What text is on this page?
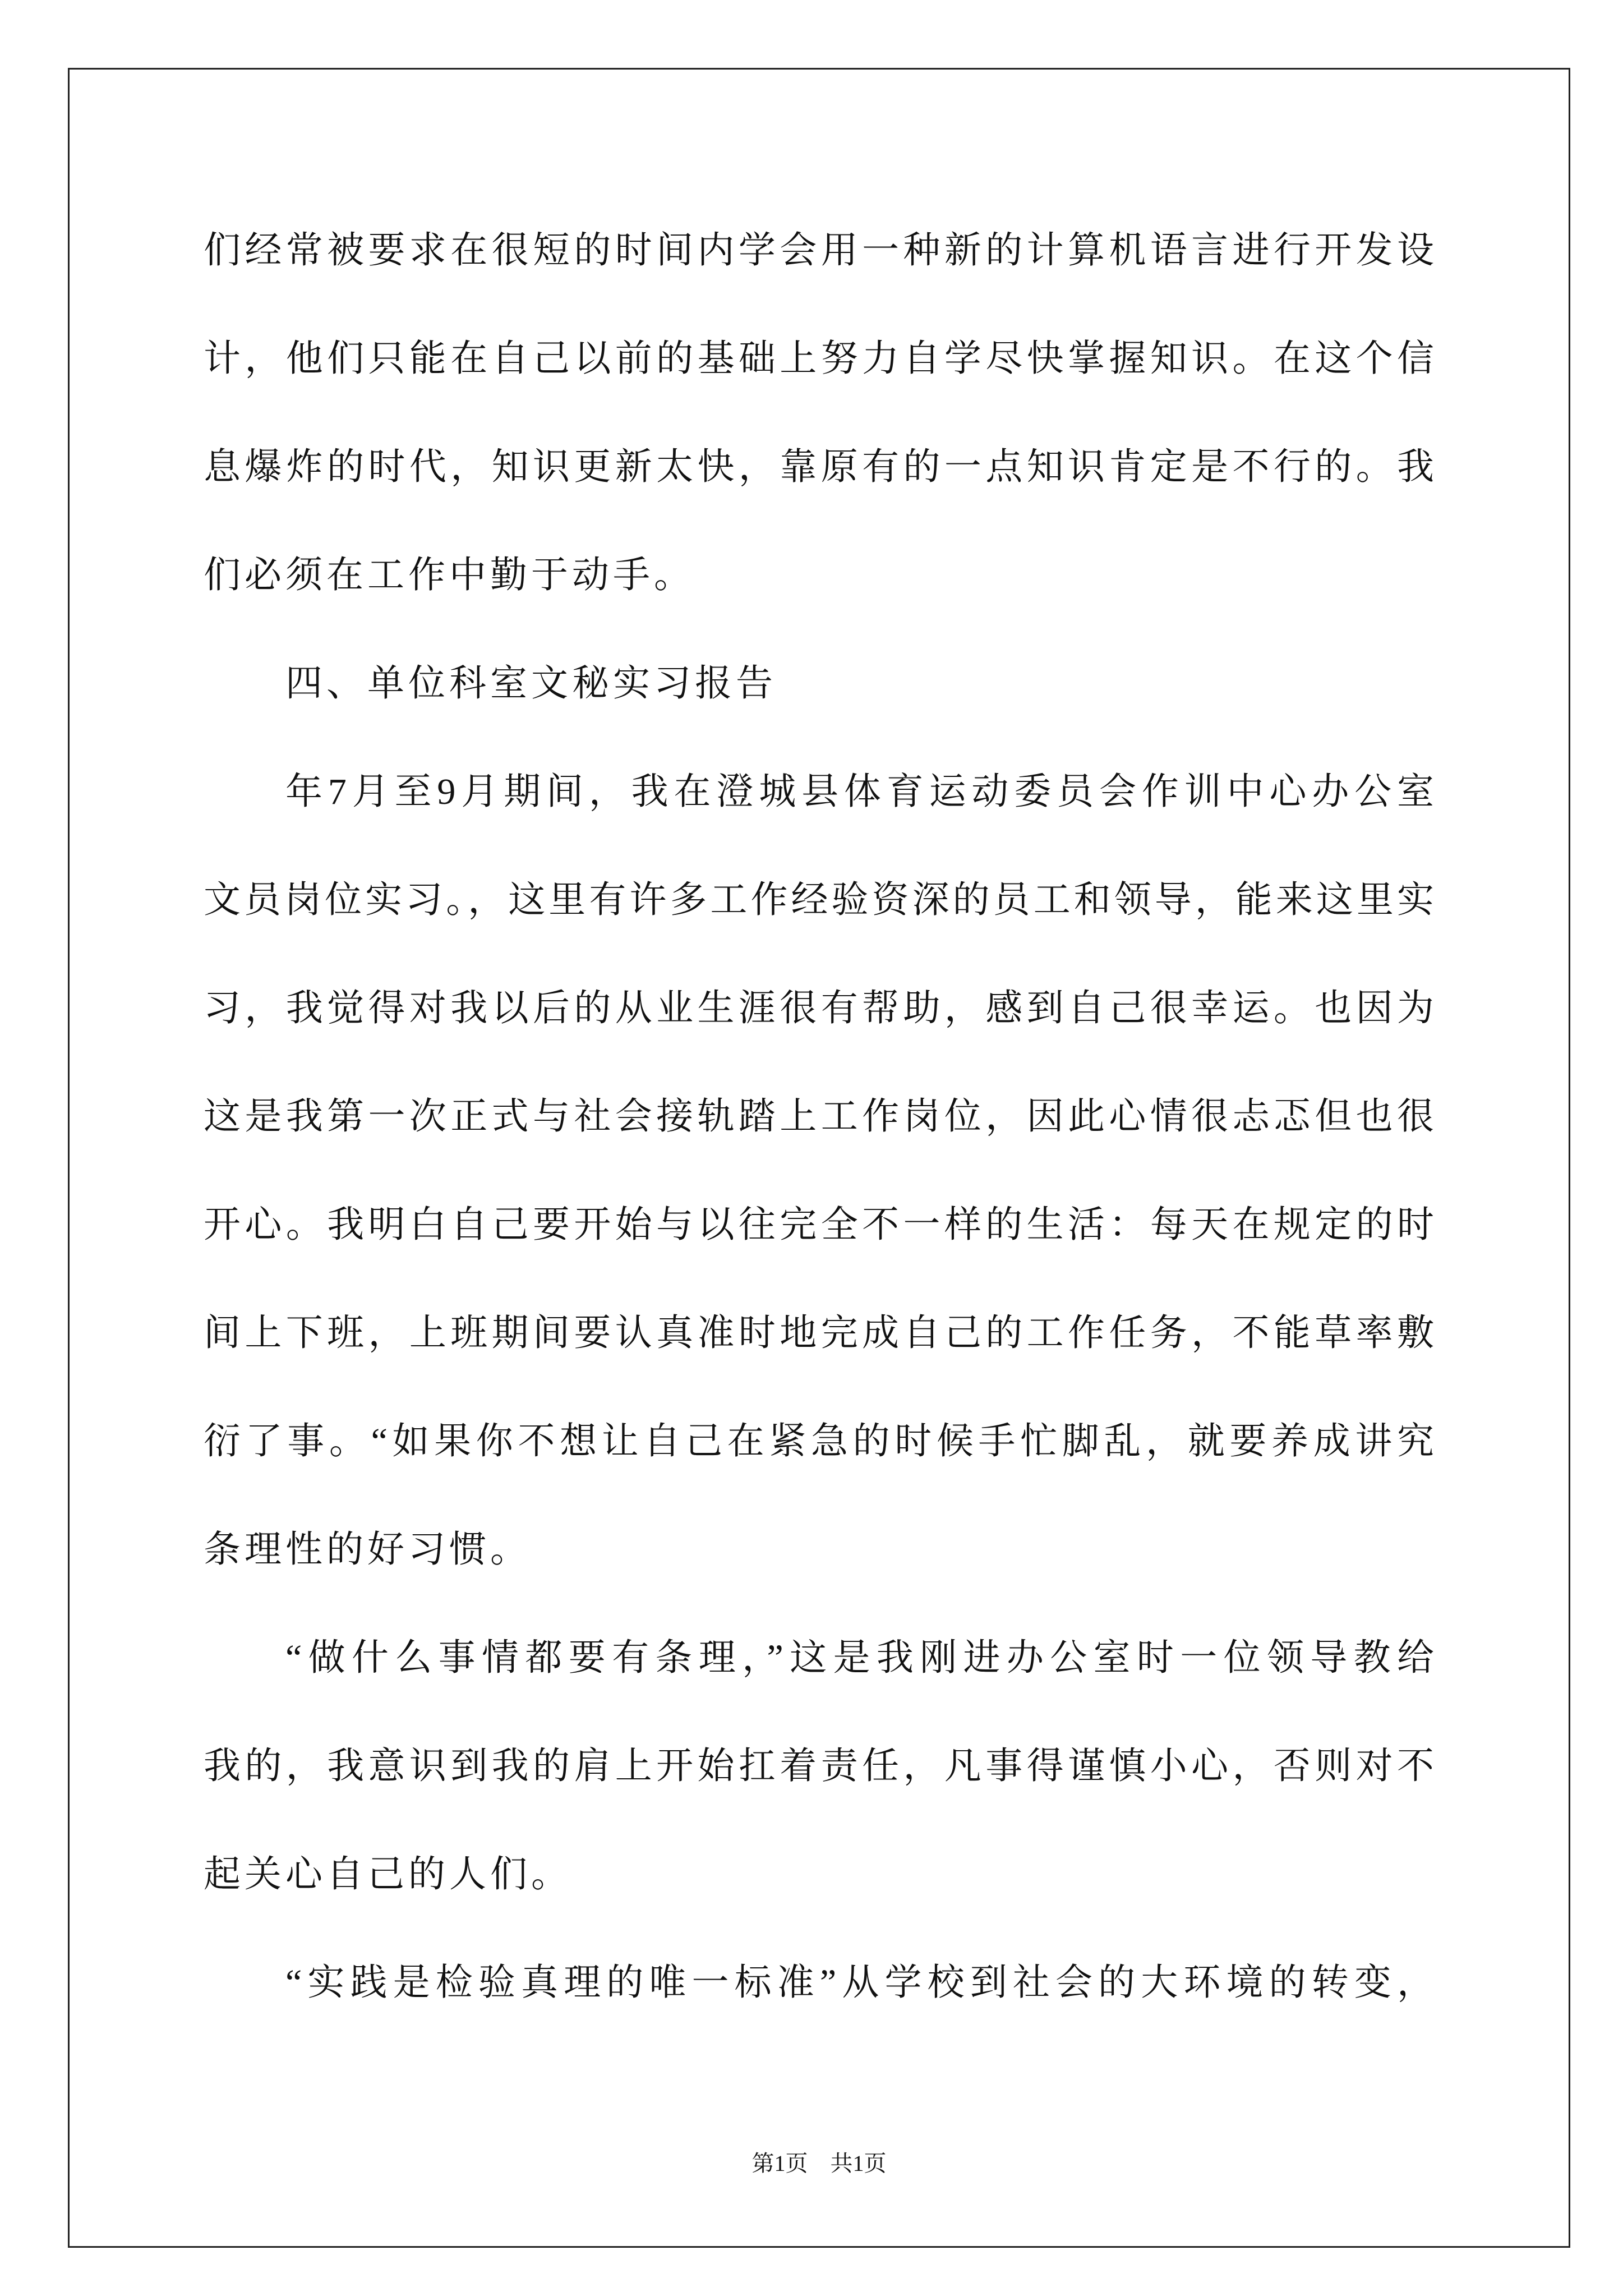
们经常被要求在很短的时间内学会用一种新的计算机语言进行开发设
计，他们只能在自己以前的基础上努力自学尽快掌握知识。在这个信
息爆炸的时代，知识更新太快，靠原有的一点知识肯定是不行的。我
们必须在工作中勤于动手。
四、单位科室文秘实习报告
年7月至9月期间，我在澄城县体育运动委员会作训中心办公室
文员岗位实习。，这里有许多工作经验资深的员工和领导，能来这里实
习，我觉得对我以后的从业生涯很有帮助，感到自己很幸运。也因为
这是我第一次正式与社会接轨踏上工作岗位，因此心情很忐忑但也很
开心。我明白自己要开始与以往完全不一样的生活：每天在规定的时
间上下班，上班期间要认真准时地完成自己的工作任务，不能草率敷
衍了事。“如果你不想让自己在紧急的时候手忙脚乱，就要养成讲究
条理性的好习惯。
“做什么事情都要有条理，”这是我刚进办公室时一位领导教给
我的，我意识到我的肩上开始扛着责任，凡事得谨慎小心，否则对不
起关心自己的人们。
“实践是检验真理的唯一标准”从学校到社会的大环境的转变，
第1页 共1页
